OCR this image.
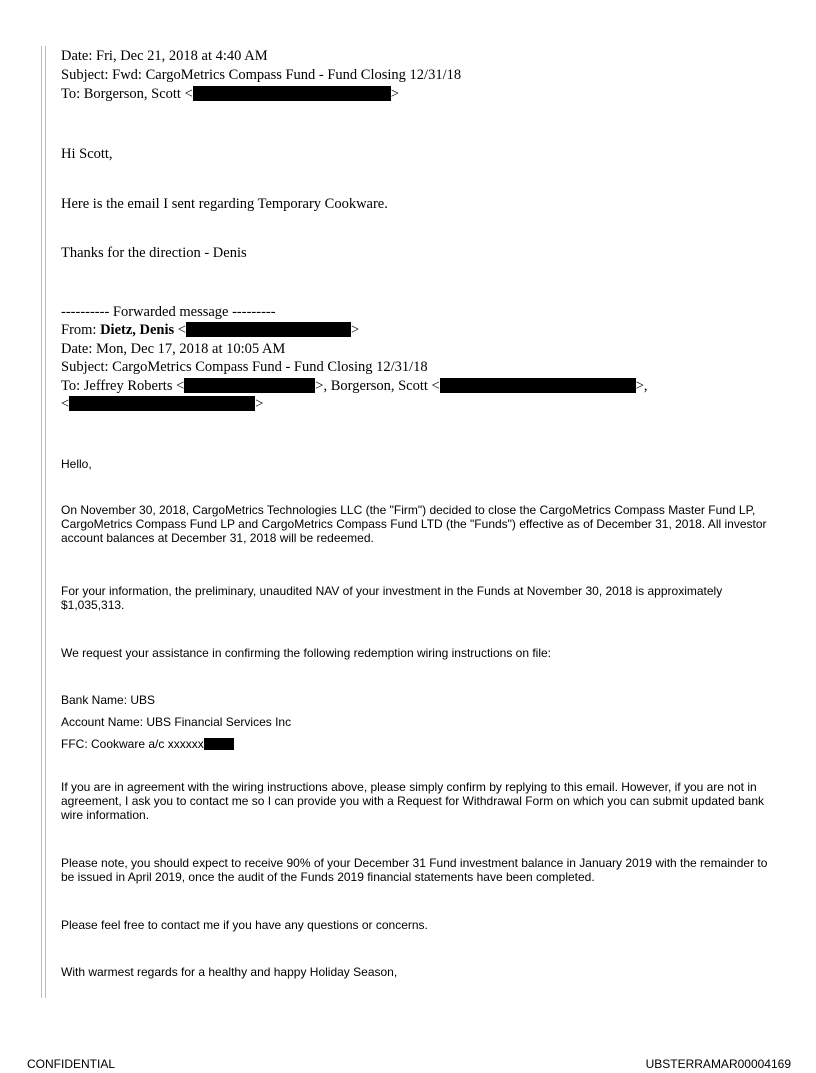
Date: Fri, Dec 21, 2018 at 4:40 AM
Subject: Fwd: CargoMetrics Compass Fund - Fund Closing 12/31/18
To: Borgerson, Scott <	>
Hi Scott,
Here is the email I sent regarding Temporary Cookware.
Thanks for the direction - Denis
---------- Forwarded message ---------
From: Dietz, Denis <	>
Date: Mon, Dec 17, 2018 at 10:05 AM
Subject: CargoMetrics Compass Fund - Fund Closing 12/31/18
To: Jeffrey Roberts <	>, Borgerson, Scott <	>,
<	>
Hello,
On November 30, 2018, CargoMetrics Technologies LLC (the "Firm") decided to close the CargoMetrics Compass Master Fund LP, CargoMetrics Compass Fund LP and CargoMetrics Compass Fund LTD (the "Funds") effective as of December 31, 2018. All investor account balances at December 31, 2018 will be redeemed.
For your information, the preliminary, unaudited NAV of your investment in the Funds at November 30, 2018 is approximately $1,035,313.
We request your assistance in confirming the following redemption wiring instructions on file:
Bank Name: UBS
Account Name: UBS Financial Services Inc
FFC: Cookware a/c xxxxxx
If you are in agreement with the wiring instructions above, please simply confirm by replying to this email. However, if you are not in agreement, I ask you to contact me so I can provide you with a Request for Withdrawal Form on which you can submit updated bank wire information.
Please note, you should expect to receive 90% of your December 31 Fund investment balance in January 2019 with the remainder to be issued in April 2019, once the audit of the Funds 2019 financial statements have been completed.
Please feel free to contact me if you have any questions or concerns.
With warmest regards for a healthy and happy Holiday Season,
CONFIDENTIAL	UBSTERRAMAR00004169
